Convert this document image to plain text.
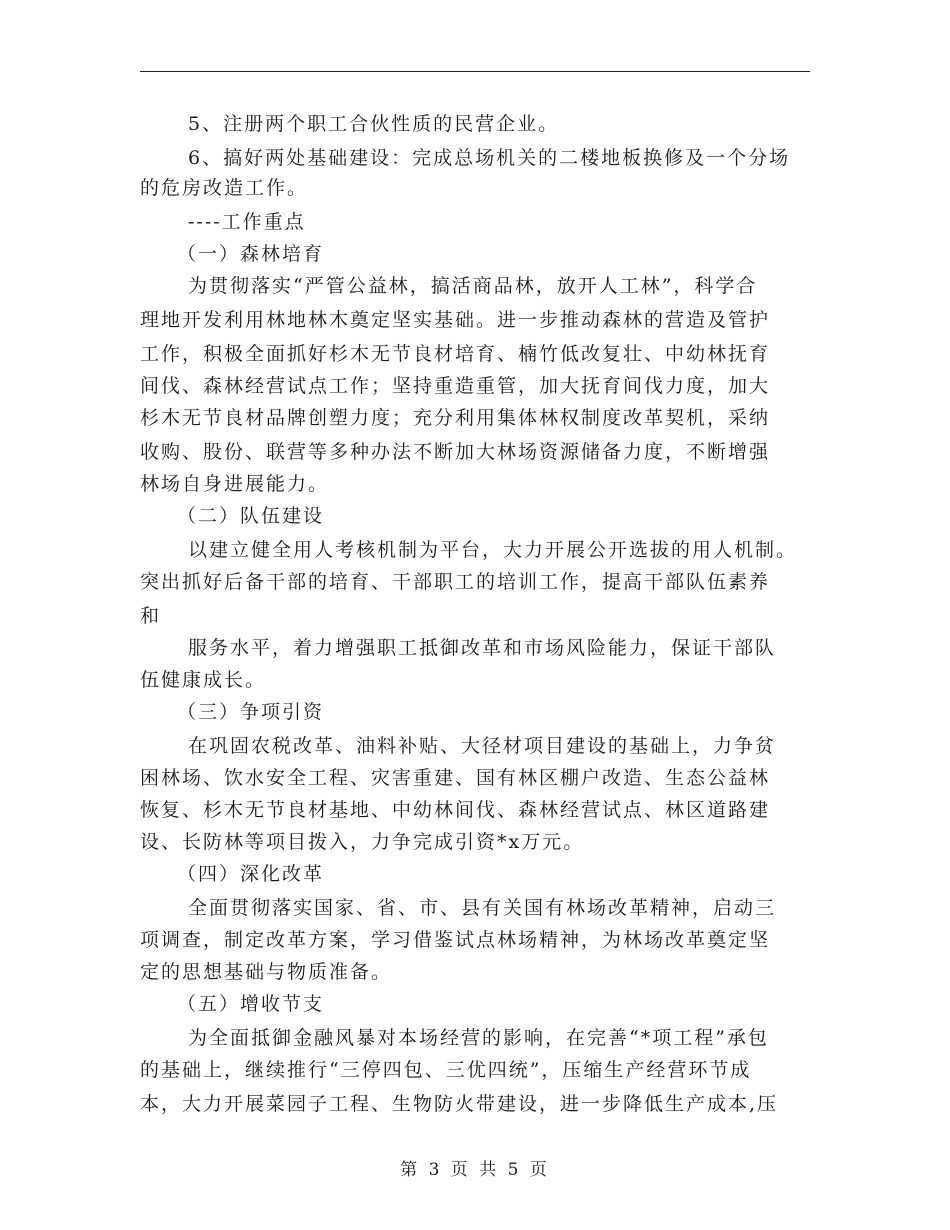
5、注册两个职工合伙性质的民营企业。
6、搞好两处基础建设：完成总场机关的二楼地板换修及一个分场
的危房改造工作。
----工作重点
（一）森林培育
为贯彻落实“严管公益林，搞活商品林，放开人工林”，科学合
理地开发利用林地林木奠定坚实基础。进一步推动森林的营造及管护
工作，积极全面抓好杉木无节良材培育、楠竹低改复壮、中幼林抚育
间伐、森林经营试点工作；坚持重造重管，加大抚育间伐力度，加大
杉木无节良材品牌创塑力度；充分利用集体林权制度改革契机，采纳
收购、股份、联营等多种办法不断加大林场资源储备力度，不断增强
林场自身进展能力。
（二）队伍建设
以建立健全用人考核机制为平台，大力开展公开选拔的用人机制。
突出抓好后备干部的培育、干部职工的培训工作，提高干部队伍素养
和
服务水平，着力增强职工抵御改革和市场风险能力，保证干部队
伍健康成长。
（三）争项引资
在巩固农税改革、油料补贴、大径材项目建设的基础上，力争贫
困林场、饮水安全工程、灾害重建、国有林区棚户改造、生态公益林
恢复、杉木无节良材基地、中幼林间伐、森林经营试点、林区道路建
设、长防林等项目拨入，力争完成引资*x万元。
（四）深化改革
全面贯彻落实国家、省、市、县有关国有林场改革精神，启动三
项调查，制定改革方案，学习借鉴试点林场精神，为林场改革奠定坚
定的思想基础与物质准备。
（五）增收节支
为全面抵御金融风暴对本场经营的影响，在完善“*项工程”承包
的基础上，继续推行“三停四包、三优四统”，压缩生产经营环节成
本，大力开展菜园子工程、生物防火带建设，进一步降低生产成本,压
第 3 页 共 5 页
